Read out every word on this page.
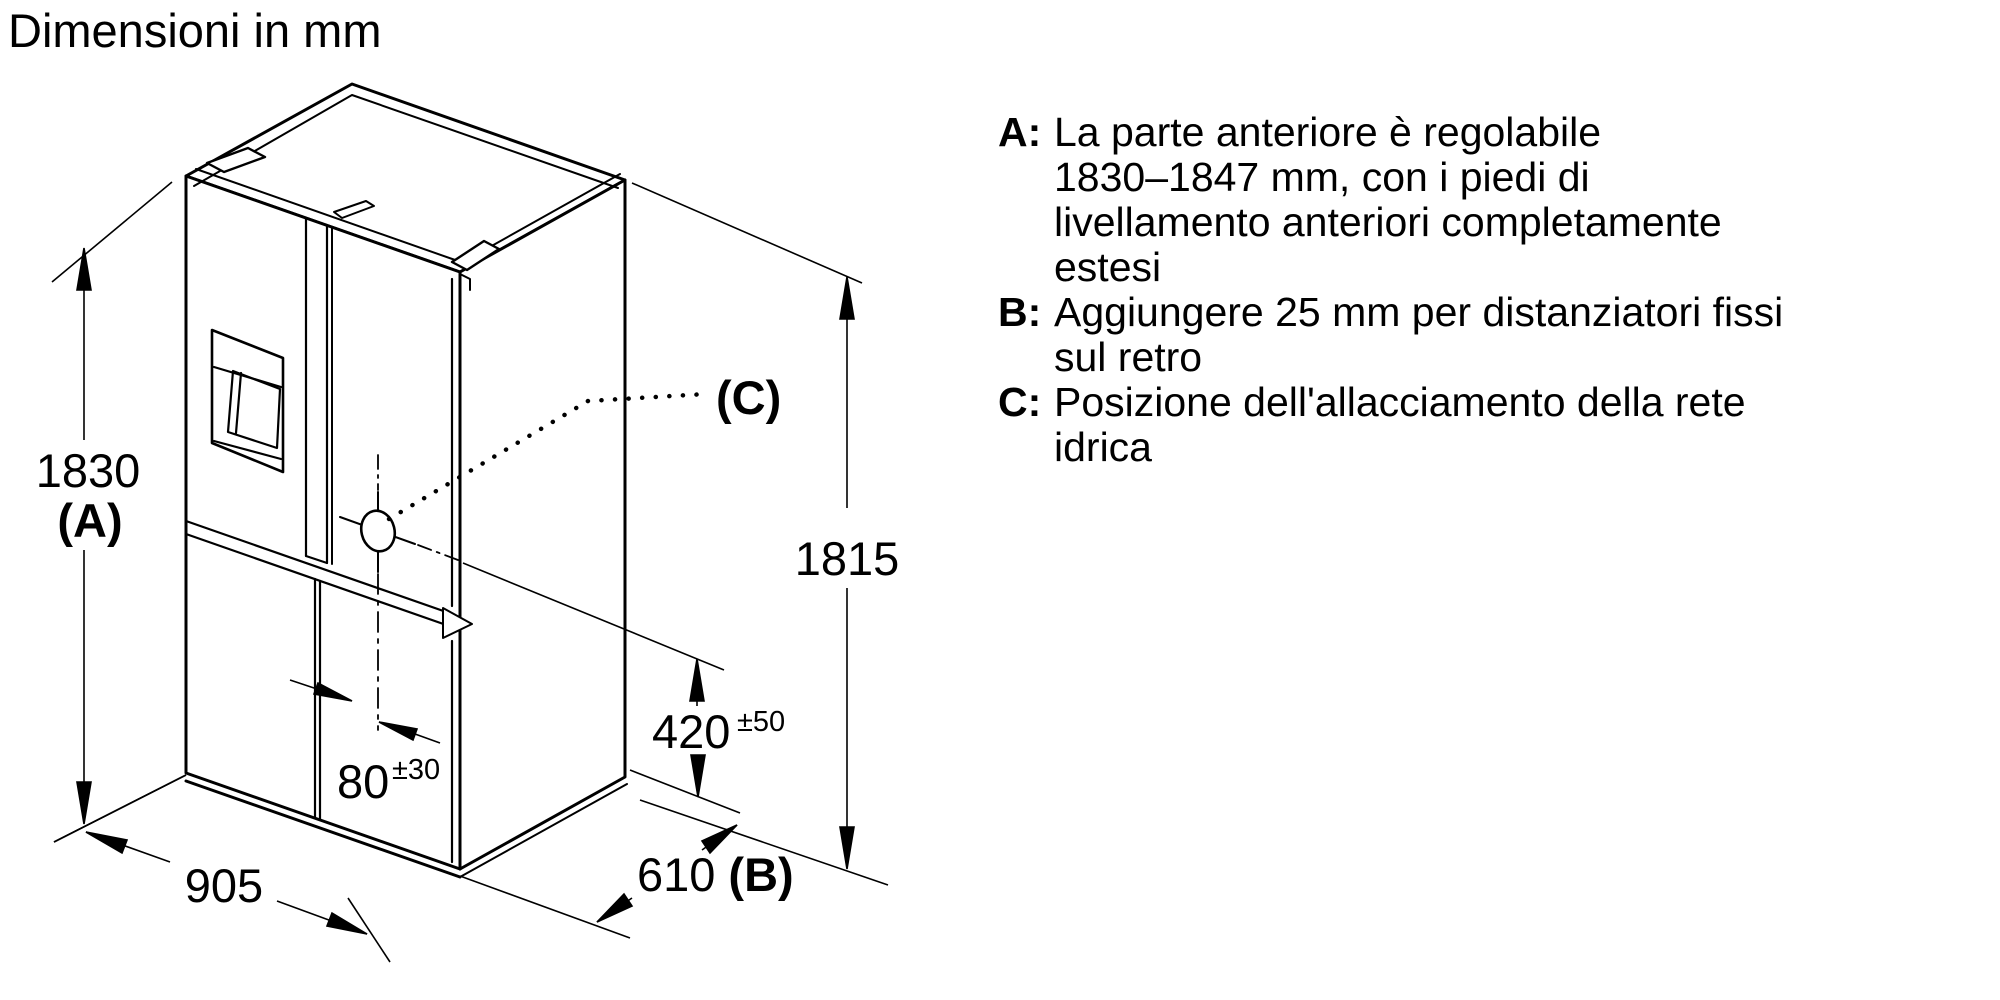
Dimensioni in mm
1830
(A)
1815
420 ±50
80 ±30
905	610 (B)
(C)
A: La parte anteriore è regolabile
1830–1847 mm, con i piedi di
livellamento anteriori completamente
estesi
B: Aggiungere 25 mm per distanziatori fissi
sul retro
C: Posizione dell'allacciamento della rete
idrica
